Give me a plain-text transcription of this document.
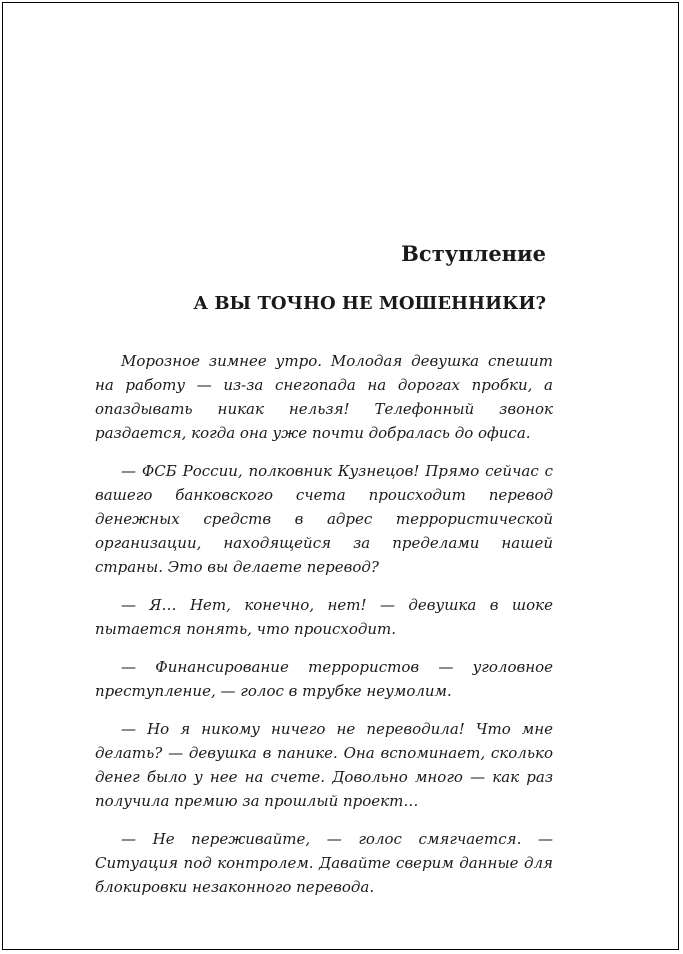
Вступление
А ВЫ ТОЧНО НЕ МОШЕННИКИ?

Морозное зимнее утро. Молодая девушка спешит на работу — из-за снегопада на дорогах пробки, а опаздывать никак нельзя! Телефонный звонок раздается, когда она уже почти добралась до офиса.

— ФСБ России, полковник Кузнецов! Прямо сейчас с вашего банковского счета происходит перевод денежных средств в адрес террористической организации, находящейся за пределами нашей страны. Это вы делаете перевод?

— Я… Нет, конечно, нет! — девушка в шоке пытается понять, что происходит.

— Финансирование террористов — уголовное преступление, — голос в трубке неумолим.

— Но я никому ничего не переводила! Что мне делать? — девушка в панике. Она вспоминает, сколько денег было у нее на счете. Довольно много — как раз получила премию за прошлый проект…

— Не переживайте, — голос смягчается. — Ситуация под контролем. Давайте сверим данные для блокировки незаконного перевода.
